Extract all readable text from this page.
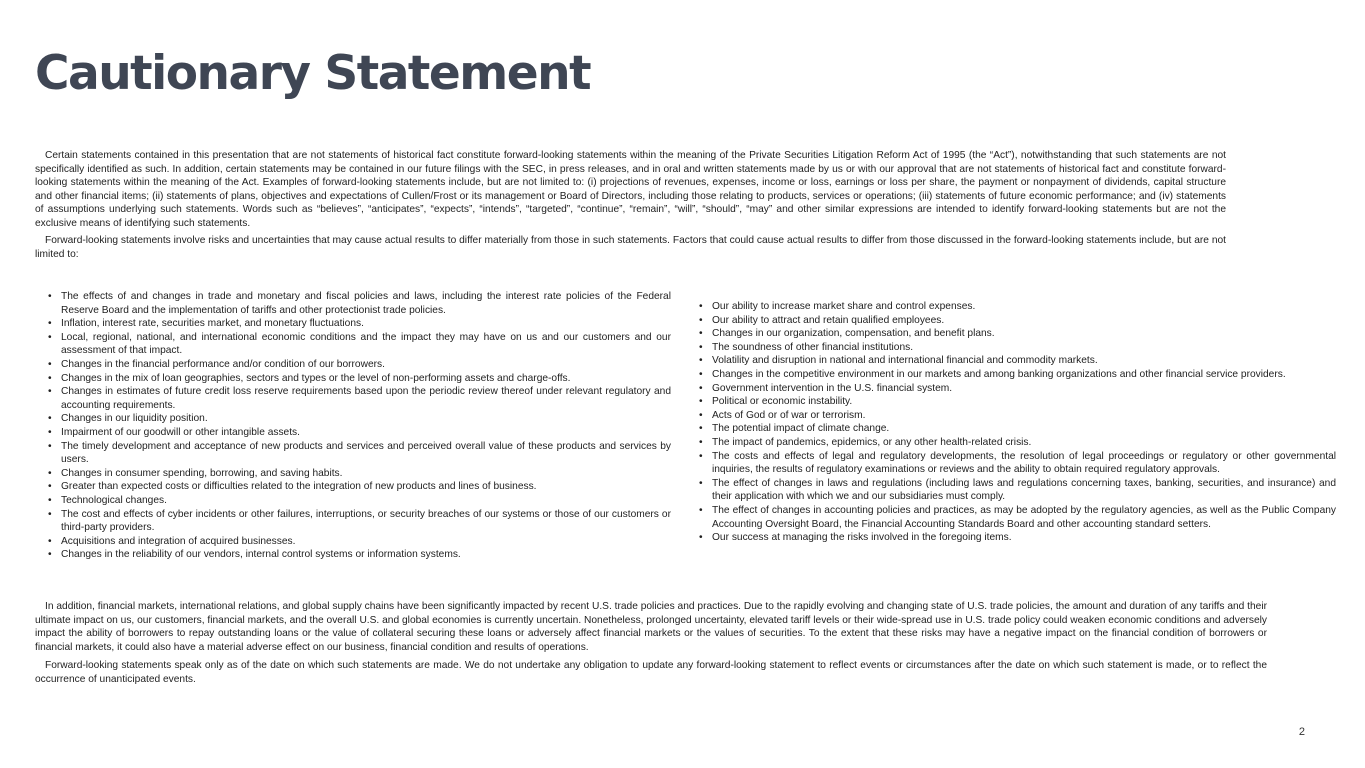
Cautionary Statement

Certain statements contained in this presentation that are not statements of historical fact constitute forward-looking statements within the meaning of the Private Securities Litigation Reform Act of 1995 (the “Act”), notwithstanding that such statements are not specifically identified as such. In addition, certain statements may be contained in our future filings with the SEC, in press releases, and in oral and written statements made by us or with our approval that are not statements of historical fact and constitute forward-looking statements within the meaning of the Act. Examples of forward-looking statements include, but are not limited to: (i) projections of revenues, expenses, income or loss, earnings or loss per share, the payment or nonpayment of dividends, capital structure and other financial items; (ii) statements of plans, objectives and expectations of Cullen/Frost or its management or Board of Directors, including those relating to products, services or operations; (iii) statements of future economic performance; and (iv) statements of assumptions underlying such statements. Words such as “believes”, “anticipates”, “expects”, “intends”, “targeted”, “continue”, “remain”, “will”, “should”, “may” and other similar expressions are intended to identify forward-looking statements but are not the exclusive means of identifying such statements.

Forward-looking statements involve risks and uncertainties that may cause actual results to differ materially from those in such statements. Factors that could cause actual results to differ from those discussed in the forward-looking statements include, but are not limited to:

• The effects of and changes in trade and monetary and fiscal policies and laws, including the interest rate policies of the Federal Reserve Board and the implementation of tariffs and other protectionist trade policies.
• Inflation, interest rate, securities market, and monetary fluctuations.
• Local, regional, national, and international economic conditions and the impact they may have on us and our customers and our assessment of that impact.
• Changes in the financial performance and/or condition of our borrowers.
• Changes in the mix of loan geographies, sectors and types or the level of non-performing assets and charge-offs.
• Changes in estimates of future credit loss reserve requirements based upon the periodic review thereof under relevant regulatory and accounting requirements.
• Changes in our liquidity position.
• Impairment of our goodwill or other intangible assets.
• The timely development and acceptance of new products and services and perceived overall value of these products and services by users.
• Changes in consumer spending, borrowing, and saving habits.
• Greater than expected costs or difficulties related to the integration of new products and lines of business.
• Technological changes.
• The cost and effects of cyber incidents or other failures, interruptions, or security breaches of our systems or those of our customers or third-party providers.
• Acquisitions and integration of acquired businesses.
• Changes in the reliability of our vendors, internal control systems or information systems.
• Our ability to increase market share and control expenses.
• Our ability to attract and retain qualified employees.
• Changes in our organization, compensation, and benefit plans.
• The soundness of other financial institutions.
• Volatility and disruption in national and international financial and commodity markets.
• Changes in the competitive environment in our markets and among banking organizations and other financial service providers.
• Government intervention in the U.S. financial system.
• Political or economic instability.
• Acts of God or of war or terrorism.
• The potential impact of climate change.
• The impact of pandemics, epidemics, or any other health-related crisis.
• The costs and effects of legal and regulatory developments, the resolution of legal proceedings or regulatory or other governmental inquiries, the results of regulatory examinations or reviews and the ability to obtain required regulatory approvals.
• The effect of changes in laws and regulations (including laws and regulations concerning taxes, banking, securities, and insurance) and their application with which we and our subsidiaries must comply.
• The effect of changes in accounting policies and practices, as may be adopted by the regulatory agencies, as well as the Public Company Accounting Oversight Board, the Financial Accounting Standards Board and other accounting standard setters.
• Our success at managing the risks involved in the foregoing items.

In addition, financial markets, international relations, and global supply chains have been significantly impacted by recent U.S. trade policies and practices. Due to the rapidly evolving and changing state of U.S. trade policies, the amount and duration of any tariffs and their ultimate impact on us, our customers, financial markets, and the overall U.S. and global economies is currently uncertain. Nonetheless, prolonged uncertainty, elevated tariff levels or their wide-spread use in U.S. trade policy could weaken economic conditions and adversely impact the ability of borrowers to repay outstanding loans or the value of collateral securing these loans or adversely affect financial markets or the values of securities. To the extent that these risks may have a negative impact on the financial condition of borrowers or financial markets, it could also have a material adverse effect on our business, financial condition and results of operations.

Forward-looking statements speak only as of the date on which such statements are made. We do not undertake any obligation to update any forward-looking statement to reflect events or circumstances after the date on which such statement is made, or to reflect the occurrence of unanticipated events.

2
